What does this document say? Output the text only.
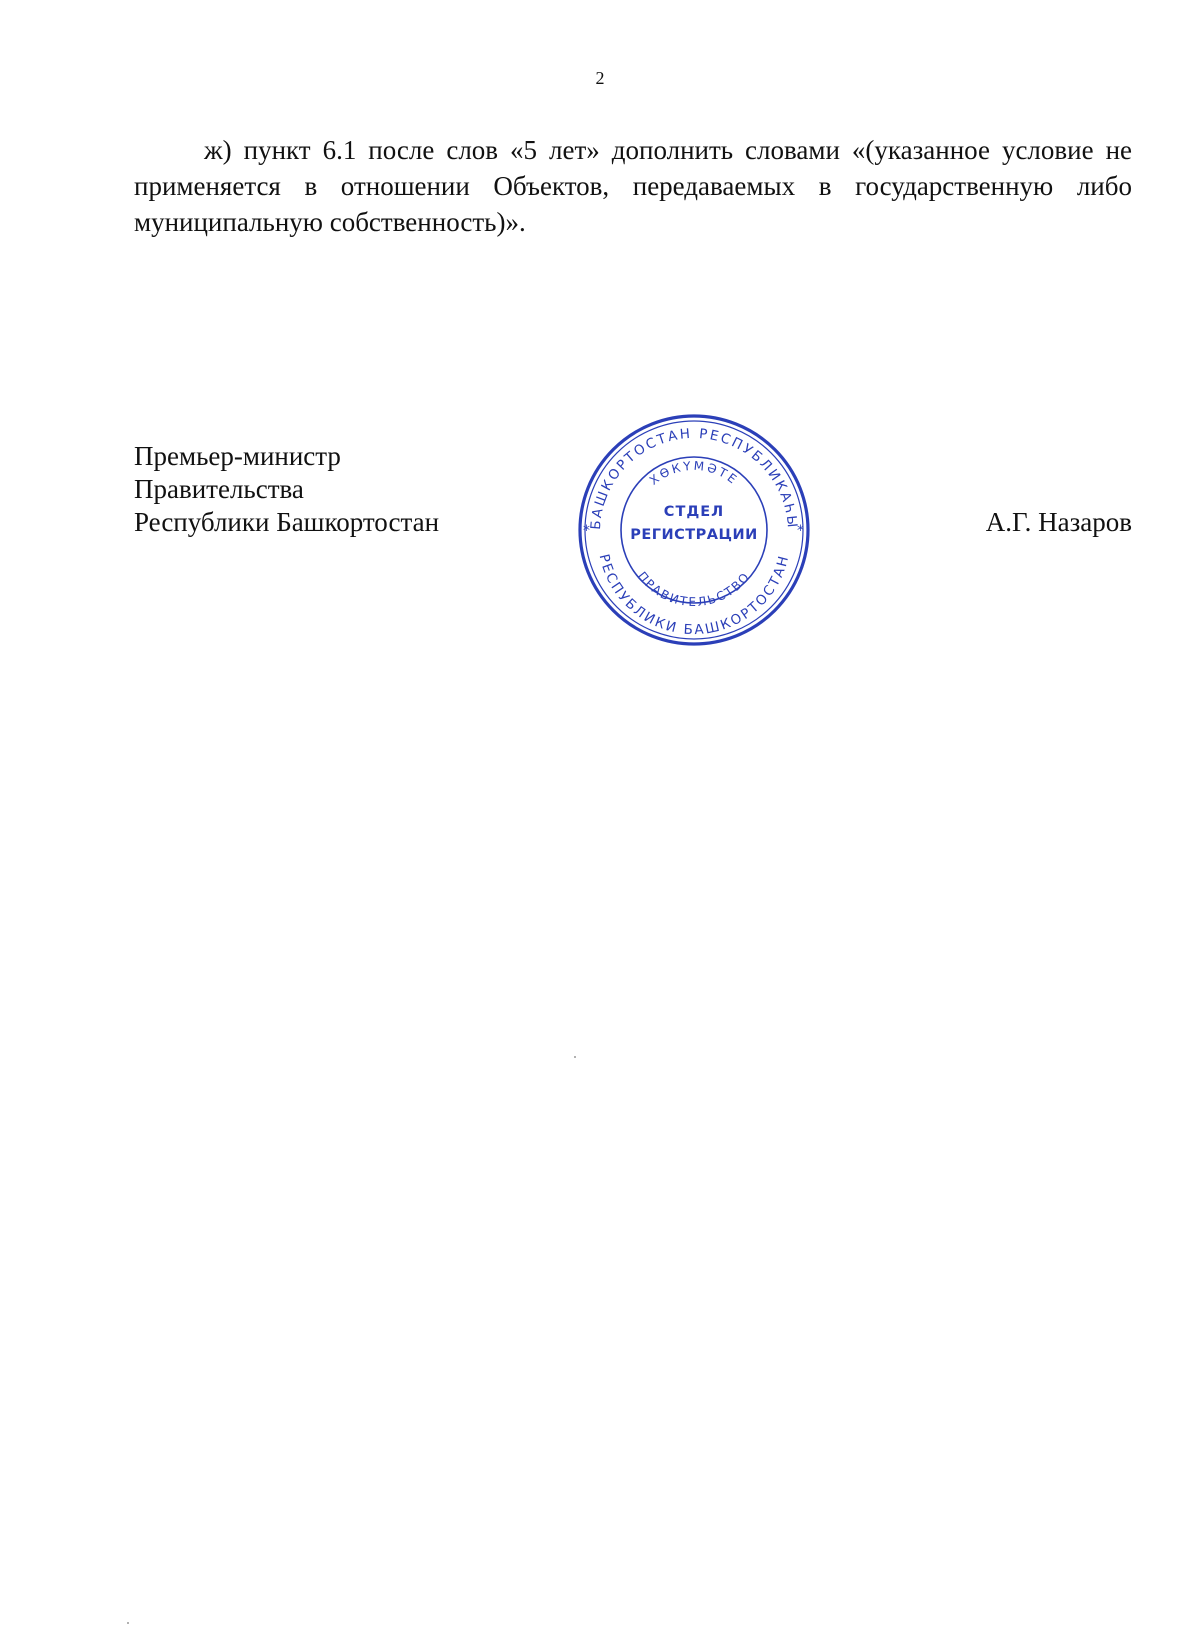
2

ж) пункт 6.1 после слов «5 лет» дополнить словами «(указанное условие не применяется в отношении Объектов, передаваемых в государственную либо муниципальную собственность)».

Премьер-министр
Правительства
Республики Башкортостан	БАШКОРТОСТАН РЕСПУБЛИКАҺЫ
ХӨКҮМӘТЕ
ПРАВИТЕЛЬСТВО
РЕСПУБЛИКИ БАШКОРТОСТАН
*	*
СТДЕЛ
РЕГИСТРАЦИИ	А.Г. Назаров
